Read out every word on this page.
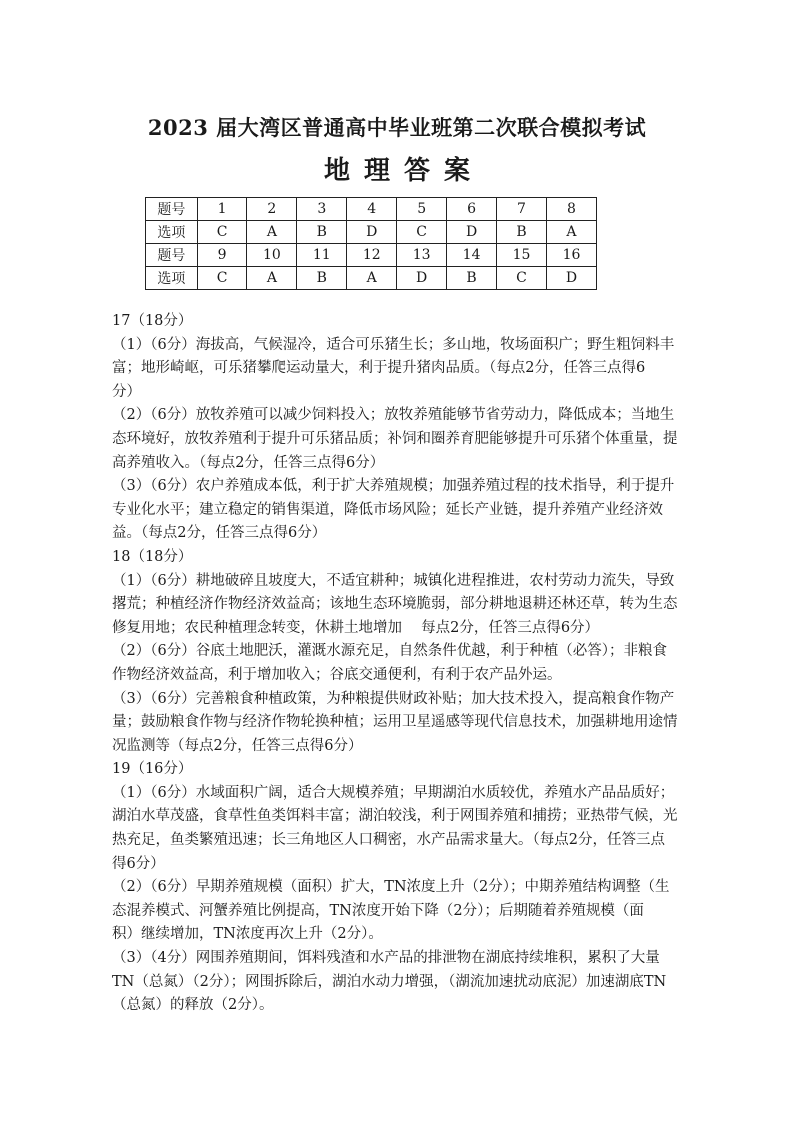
2023 届大湾区普通高中毕业班第二次联合模拟考试
地理答案
题号	1	2	3	4	5	6	7	8
选项	C	A	B	D	C	D	B	A
题号	9	10	11	12	13	14	15	16
选项	C	A	B	A	D	B	C	D

17（18分）
（1）（6分）海拔高，气候湿冷，适合可乐猪生长；多山地，牧场面积广；野生粗饲料丰
富；地形崎岖，可乐猪攀爬运动量大，利于提升猪肉品质。（每点2分，任答三点得6
分）
（2）（6分）放牧养殖可以减少饲料投入；放牧养殖能够节省劳动力，降低成本；当地生
态环境好，放牧养殖利于提升可乐猪品质；补饲和圈养育肥能够提升可乐猪个体重量，提
高养殖收入。（每点2分，任答三点得6分）
（3）（6分）农户养殖成本低，利于扩大养殖规模；加强养殖过程的技术指导，利于提升
专业化水平；建立稳定的销售渠道，降低市场风险；延长产业链，提升养殖产业经济效
益。（每点2分，任答三点得6分）
18（18分）
（1）（6分）耕地破碎且坡度大，不适宜耕种；城镇化进程推进，农村劳动力流失，导致
撂荒；种植经济作物经济效益高；该地生态环境脆弱，部分耕地退耕还林还草，转为生态
修复用地；农民种植理念转变，休耕土地增加　 每点2分，任答三点得6分）
（2）（6分）谷底土地肥沃，灌溉水源充足，自然条件优越，利于种植（必答）；非粮食
作物经济效益高，利于增加收入；谷底交通便利，有利于农产品外运。
（3）（6分）完善粮食种植政策，为种粮提供财政补贴；加大技术投入，提高粮食作物产
量；鼓励粮食作物与经济作物轮换种植；运用卫星遥感等现代信息技术，加强耕地用途情
况监测等（每点2分，任答三点得6分）
19（16分）
（1）（6分）水域面积广阔，适合大规模养殖；早期湖泊水质较优，养殖水产品品质好；
湖泊水草茂盛，食草性鱼类饵料丰富；湖泊较浅，利于网围养殖和捕捞；亚热带气候，光
热充足，鱼类繁殖迅速；长三角地区人口稠密，水产品需求量大。（每点2分，任答三点
得6分）
（2）（6分）早期养殖规模（面积）扩大，TN浓度上升（2分）；中期养殖结构调整（生
态混养模式、河蟹养殖比例提高，TN浓度开始下降（2分）；后期随着养殖规模（面
积）继续增加，TN浓度再次上升（2分）。
（3）（4分）网围养殖期间，饵料残渣和水产品的排泄物在湖底持续堆积，累积了大量
TN（总氮）（2分）；网围拆除后，湖泊水动力增强，（湖流加速扰动底泥）加速湖底TN
（总氮）的释放（2分）。
